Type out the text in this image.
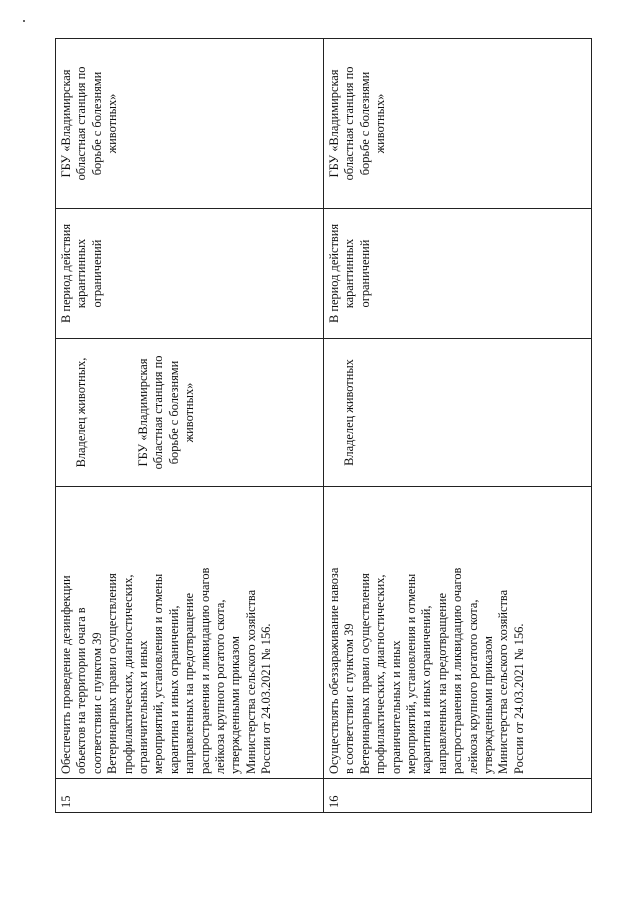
15
Обеспечить проведение дезинфекции
объектов на территории очага в
соответствии с пунктом 39
Ветеринарных правил осуществления
профилактических, диагностических,
ограничительных и иных
мероприятий, установления и отмены
карантина и иных ограничений,
направленных на предотвращение
распространения и ликвидацию очагов
лейкоза крупного рогатого скота,
утвержденными приказом
Министерства сельского хозяйства
России от 24.03.2021 № 156.

Владелец животных,

	ГБУ «Владимирская
областная станция по
борьбе с болезнями
животных»

В период действия
карантинных
ограничений
ГБУ «Владимирская
областная станция по
борьбе с болезнями
животных»
16
Осуществлять обеззараживание навоза
в соответствии с пунктом 39
Ветеринарных правил осуществления
профилактических, диагностических,
ограничительных и иных
мероприятий, установления и отмены
карантина и иных ограничений,
направленных на предотвращение
распространения и ликвидацию очагов
лейкоза крупного рогатого скота,
утвержденными приказом
Министерства сельского хозяйства
России от 24.03.2021 № 156.

Владелец животных

В период действия
карантинных
ограничений
ГБУ «Владимирская
областная станция по
борьбе с болезнями
животных»
